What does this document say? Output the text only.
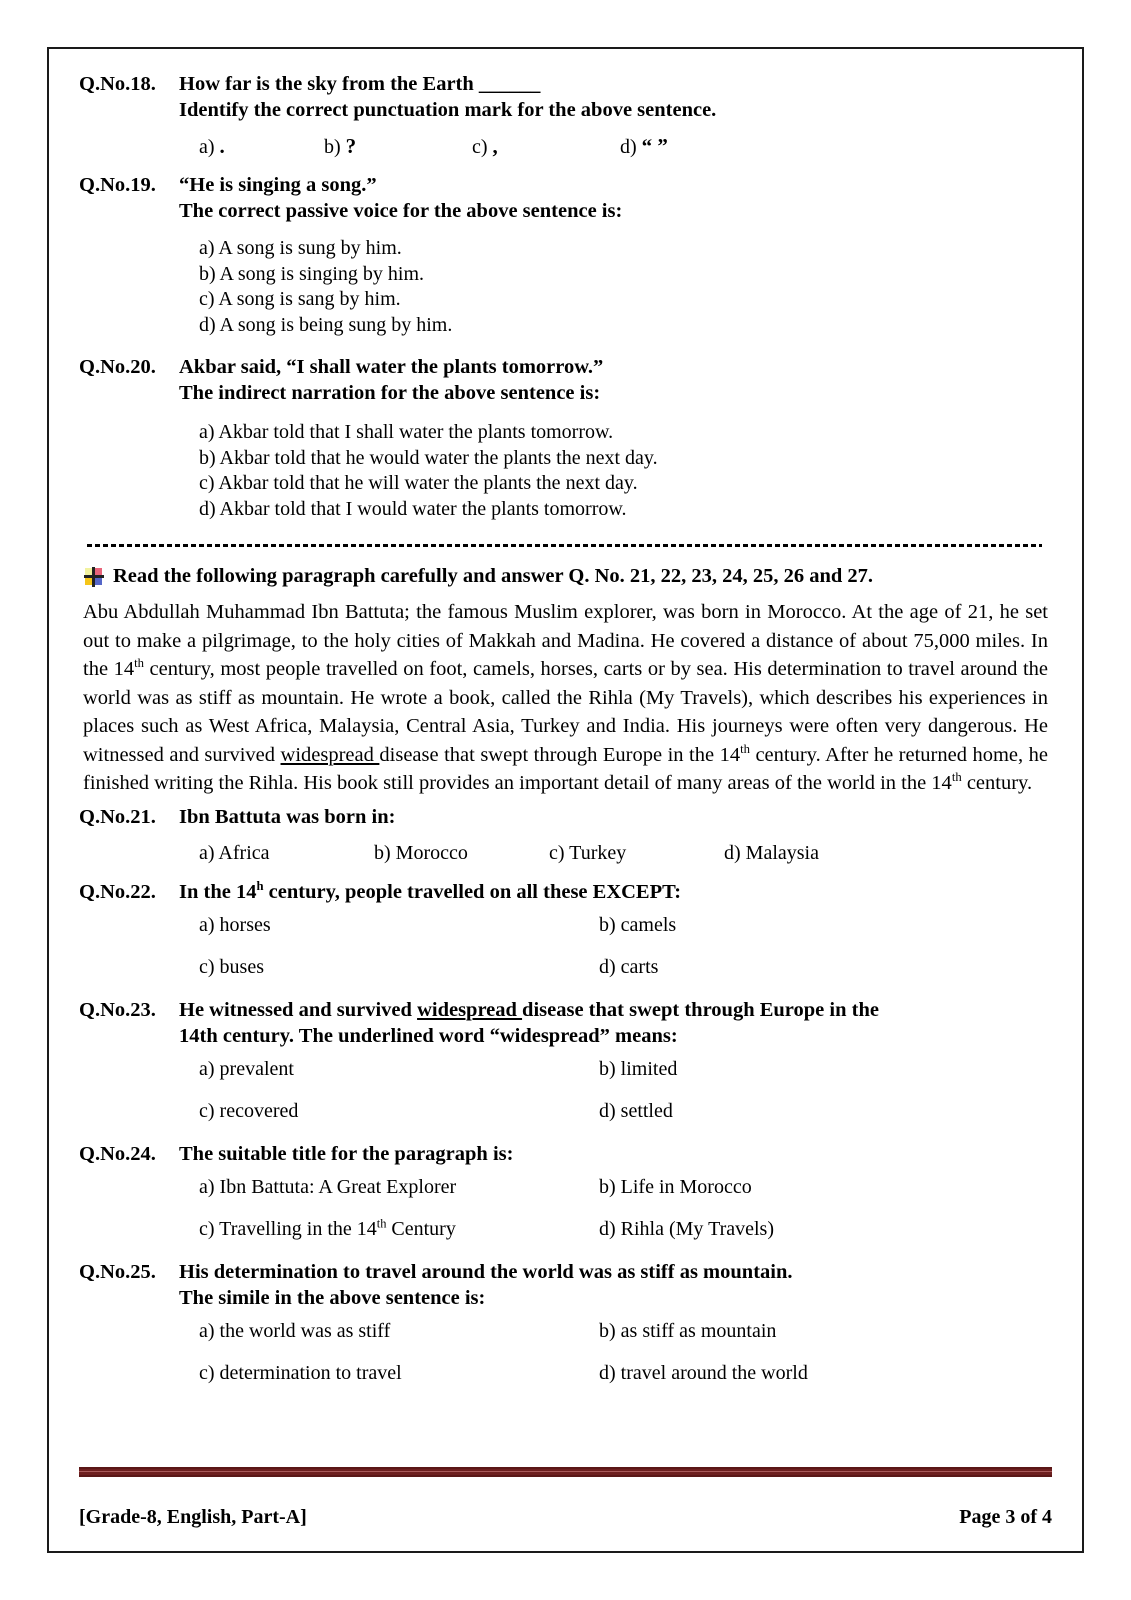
Q.No.18.	How far is the sky from the Earth ______
Identify the correct punctuation mark for the above sentence.
a) .	b) ?	c) ,	d) “ ”
Q.No.19.	“He is singing a song.”
The correct passive voice for the above sentence is:
a) A song is sung by him.
b) A song is singing by him.
c) A song is sang by him.
d) A song is being sung by him.
Q.No.20.	Akbar said, “I shall water the plants tomorrow.”
The indirect narration for the above sentence is:
a) Akbar told that I shall water the plants tomorrow.
b) Akbar told that he would water the plants the next day.
c) Akbar told that he will water the plants the next day.
d) Akbar told that I would water the plants tomorrow.
Read the following paragraph carefully and answer Q. No. 21, 22, 23, 24, 25, 26 and 27.

Abu Abdullah Muhammad Ibn Battuta; the famous Muslim explorer, was born in Morocco. At the age of 21, he set out to make a pilgrimage, to the holy cities of Makkah and Madina. He covered a distance of about 75,000 miles. In the 14th century, most people travelled on foot, camels, horses, carts or by sea. His determination to travel around the world was as stiff as mountain. He wrote a book, called the Rihla (My Travels), which describes his experiences in places such as West Africa, Malaysia, Central Asia, Turkey and India. His journeys were often very dangerous. He witnessed and survived widespread disease that swept through Europe in the 14th century. After he returned home, he finished writing the Rihla. His book still provides an important detail of many areas of the world in the 14th century.

Q.No.21.	Ibn Battuta was born in:
a) Africa	b) Morocco	c) Turkey	d) Malaysia
Q.No.22.	In the 14$^h$ century, people travelled on all these EXCEPT:
a) horses	b) camels
c) buses	d) carts
Q.No.23.	He witnessed and survived widespread disease that swept through Europe in the
14th century. The underlined word “widespread” means:
a) prevalent	b) limited
c) recovered	d) settled
Q.No.24.	The suitable title for the paragraph is:
a) Ibn Battuta: A Great Explorer	b) Life in Morocco
c) Travelling in the 14th Century	d) Rihla (My Travels)
Q.No.25.	His determination to travel around the world was as stiff as mountain.
The simile in the above sentence is:
a) the world was as stiff	b) as stiff as mountain
c) determination to travel	d) travel around the world
[Grade-8, English, Part-A]	Page 3 of 4
